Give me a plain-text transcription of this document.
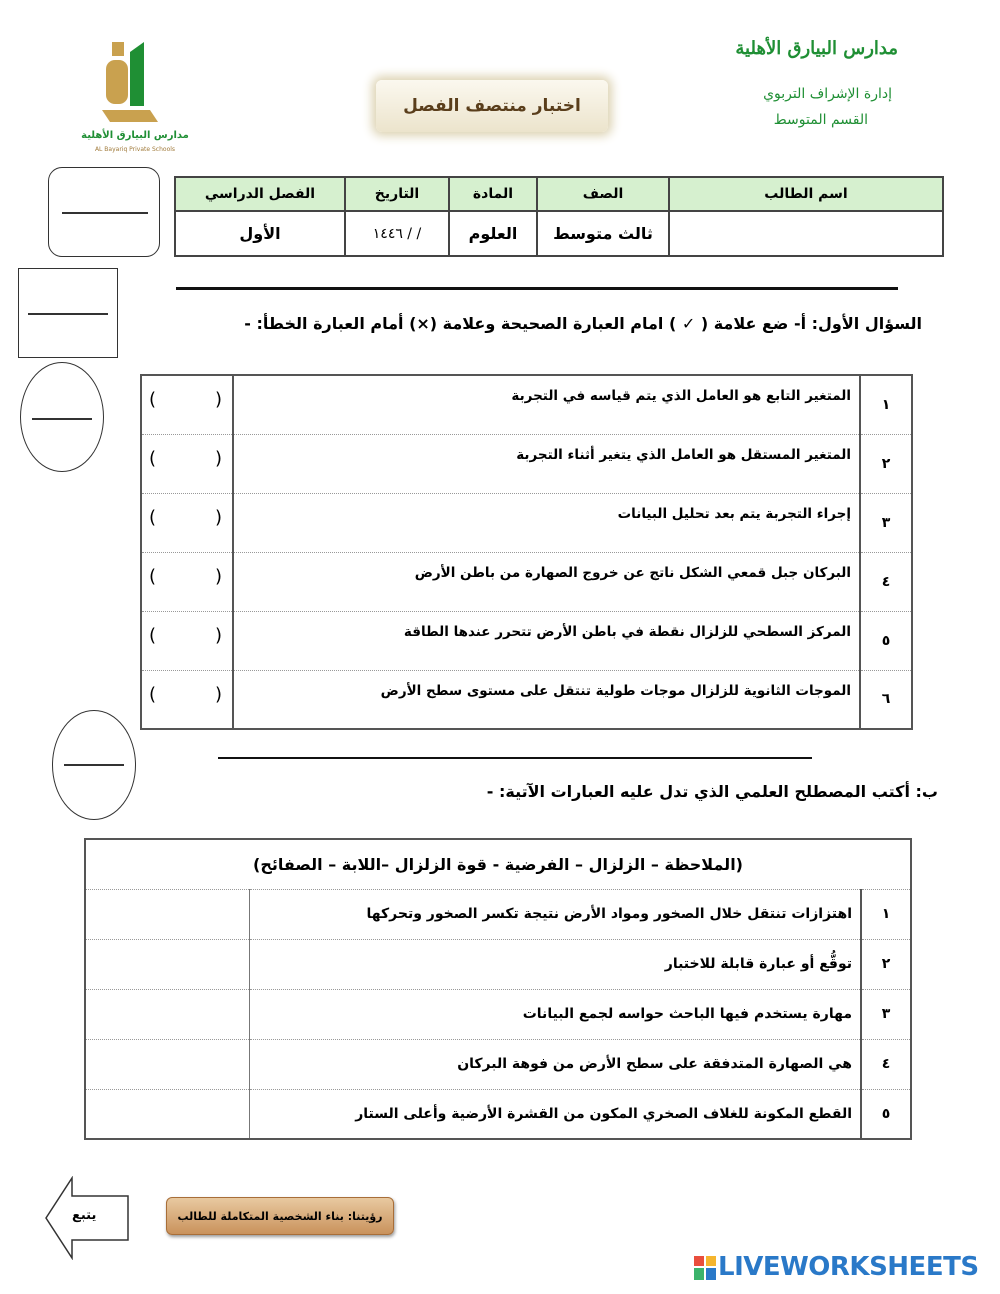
مدارس البيارق الأهلية
إدارة الإشراف التربوي
القسم المتوسط
اختبار منتصف الفصل
مدارس البيارق الأهلية
AL Bayariq Private Schools
اسم الطالب	الصف	المادة	التاريخ	الفصل الدراسي
	ثالث متوسط	العلوم	/ / ١٤٤٦	الأول
السؤال الأول: أ- ضع علامة ( ✓ ) امام العبارة الصحيحة وعلامة (×) أمام العبارة الخطأ: -
١	المتغير التابع هو العامل الذي يتم قياسه في التجربة	(
)

٢	المتغير المستقل هو العامل الذي يتغير أثناء التجربة	(
)

٣	إجراء التجربة يتم بعد تحليل البيانات	(
)

٤	البركان جبل قمعي الشكل ناتج عن خروج الصهارة من باطن الأرض	(
)

٥	المركز السطحي للزلزال نقطة في باطن الأرض تتحرر عندها الطاقة	(
)

٦	الموجات الثانوية للزلزال موجات طولية تنتقل على مستوى سطح الأرض	(
)
ب: أكتب المصطلح العلمي الذي تدل عليه العبارات الآتية: -
(الملاحظة – الزلزال – الفرضية - قوة الزلزال –اللابة – الصفائح)		
١	اهتزازات تنتقل خلال الصخور ومواد الأرض نتيجة تكسر الصخور وتحركها	
٢	توقُّع أو عبارة قابلة للاختبار	
٣	مهارة يستخدم فيها الباحث حواسه لجمع البيانات	
٤	هي الصهارة المتدفقة على سطح الأرض من فوهة البركان	
٥	القطع المكونة للغلاف الصخري المكون من القشرة الأرضية وأعلى الستار	
يتبع	رؤيتنا: بناء الشخصية المتكاملة للطالب
LIVEWORKSHEETS
